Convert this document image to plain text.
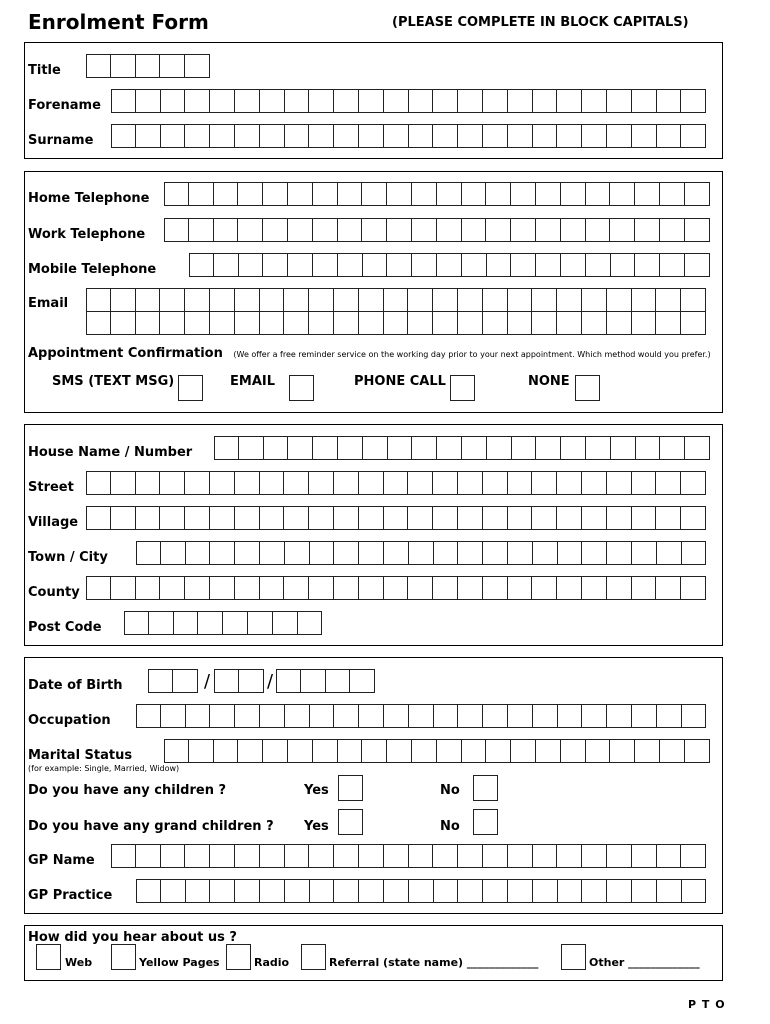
Enrolment Form	(PLEASE COMPLETE IN BLOCK CAPITALS)
Title
Forename
Surname
Home Telephone
Work Telephone
Mobile Telephone
Email
Appointment Confirmation (We offer a free reminder service on the working day prior to your next appointment. Which method would you prefer.)
SMS (TEXT MSG)	EMAIL	PHONE CALL	NONE
House Name / Number
Street
Village
Town / City
County
Post Code
Date of Birth	/	/
Occupation
Marital Status
(for example: Single, Married, Widow)
Do you have any children ?	Yes	No
Do you have any grand children ? Yes	No
GP Name
GP Practice
How did you hear about us ?
Web	Yellow Pages	Radio	Referral (state name) _____________	Other _____________
P T O
